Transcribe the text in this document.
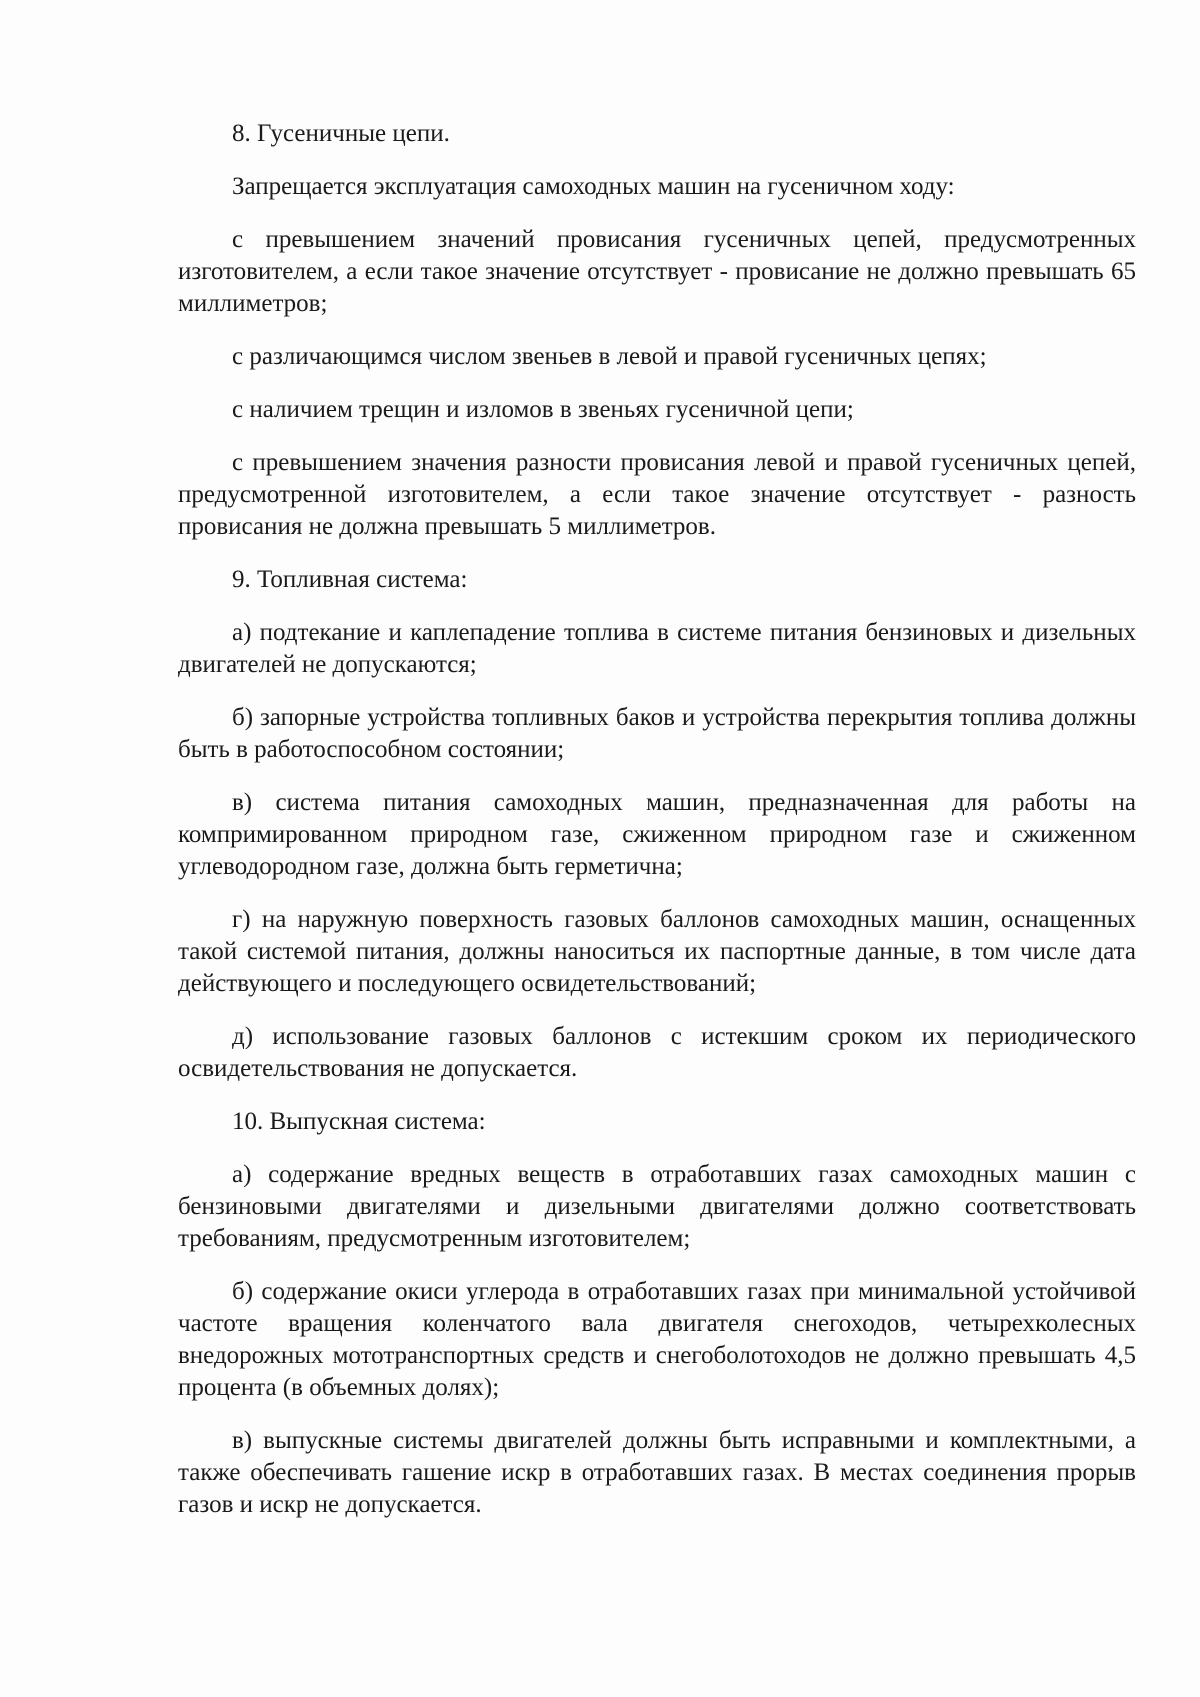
8. Гусеничные цепи.

Запрещается эксплуатация самоходных машин на гусеничном ходу:

с превышением значений провисания гусеничных цепей, предусмотренных изготовителем, а если такое значение отсутствует - провисание не должно превышать 65 миллиметров;

с различающимся числом звеньев в левой и правой гусеничных цепях;

с наличием трещин и изломов в звеньях гусеничной цепи;

с превышением значения разности провисания левой и правой гусеничных цепей, предусмотренной изготовителем, а если такое значение отсутствует - разность провисания не должна превышать 5 миллиметров.

9. Топливная система:

а) подтекание и каплепадение топлива в системе питания бензиновых и дизельных двигателей не допускаются;

б) запорные устройства топливных баков и устройства перекрытия топлива должны быть в работоспособном состоянии;

в) система питания самоходных машин, предназначенная для работы на компримированном природном газе, сжиженном природном газе и сжиженном углеводородном газе, должна быть герметична;

г) на наружную поверхность газовых баллонов самоходных машин, оснащенных такой системой питания, должны наноситься их паспортные данные, в том числе дата действующего и последующего освидетельствований;

д) использование газовых баллонов с истекшим сроком их периодического освидетельствования не допускается.

10. Выпускная система:

а) содержание вредных веществ в отработавших газах самоходных машин с бензиновыми двигателями и дизельными двигателями должно соответствовать требованиям, предусмотренным изготовителем;

б) содержание окиси углерода в отработавших газах при минимальной устойчивой частоте вращения коленчатого вала двигателя снегоходов, четырехколесных внедорожных мототранспортных средств и снегоболотоходов не должно превышать 4,5 процента (в объемных долях);

в) выпускные системы двигателей должны быть исправными и комплектными, а также обеспечивать гашение искр в отработавших газах. В местах соединения прорыв газов и искр не допускается.
